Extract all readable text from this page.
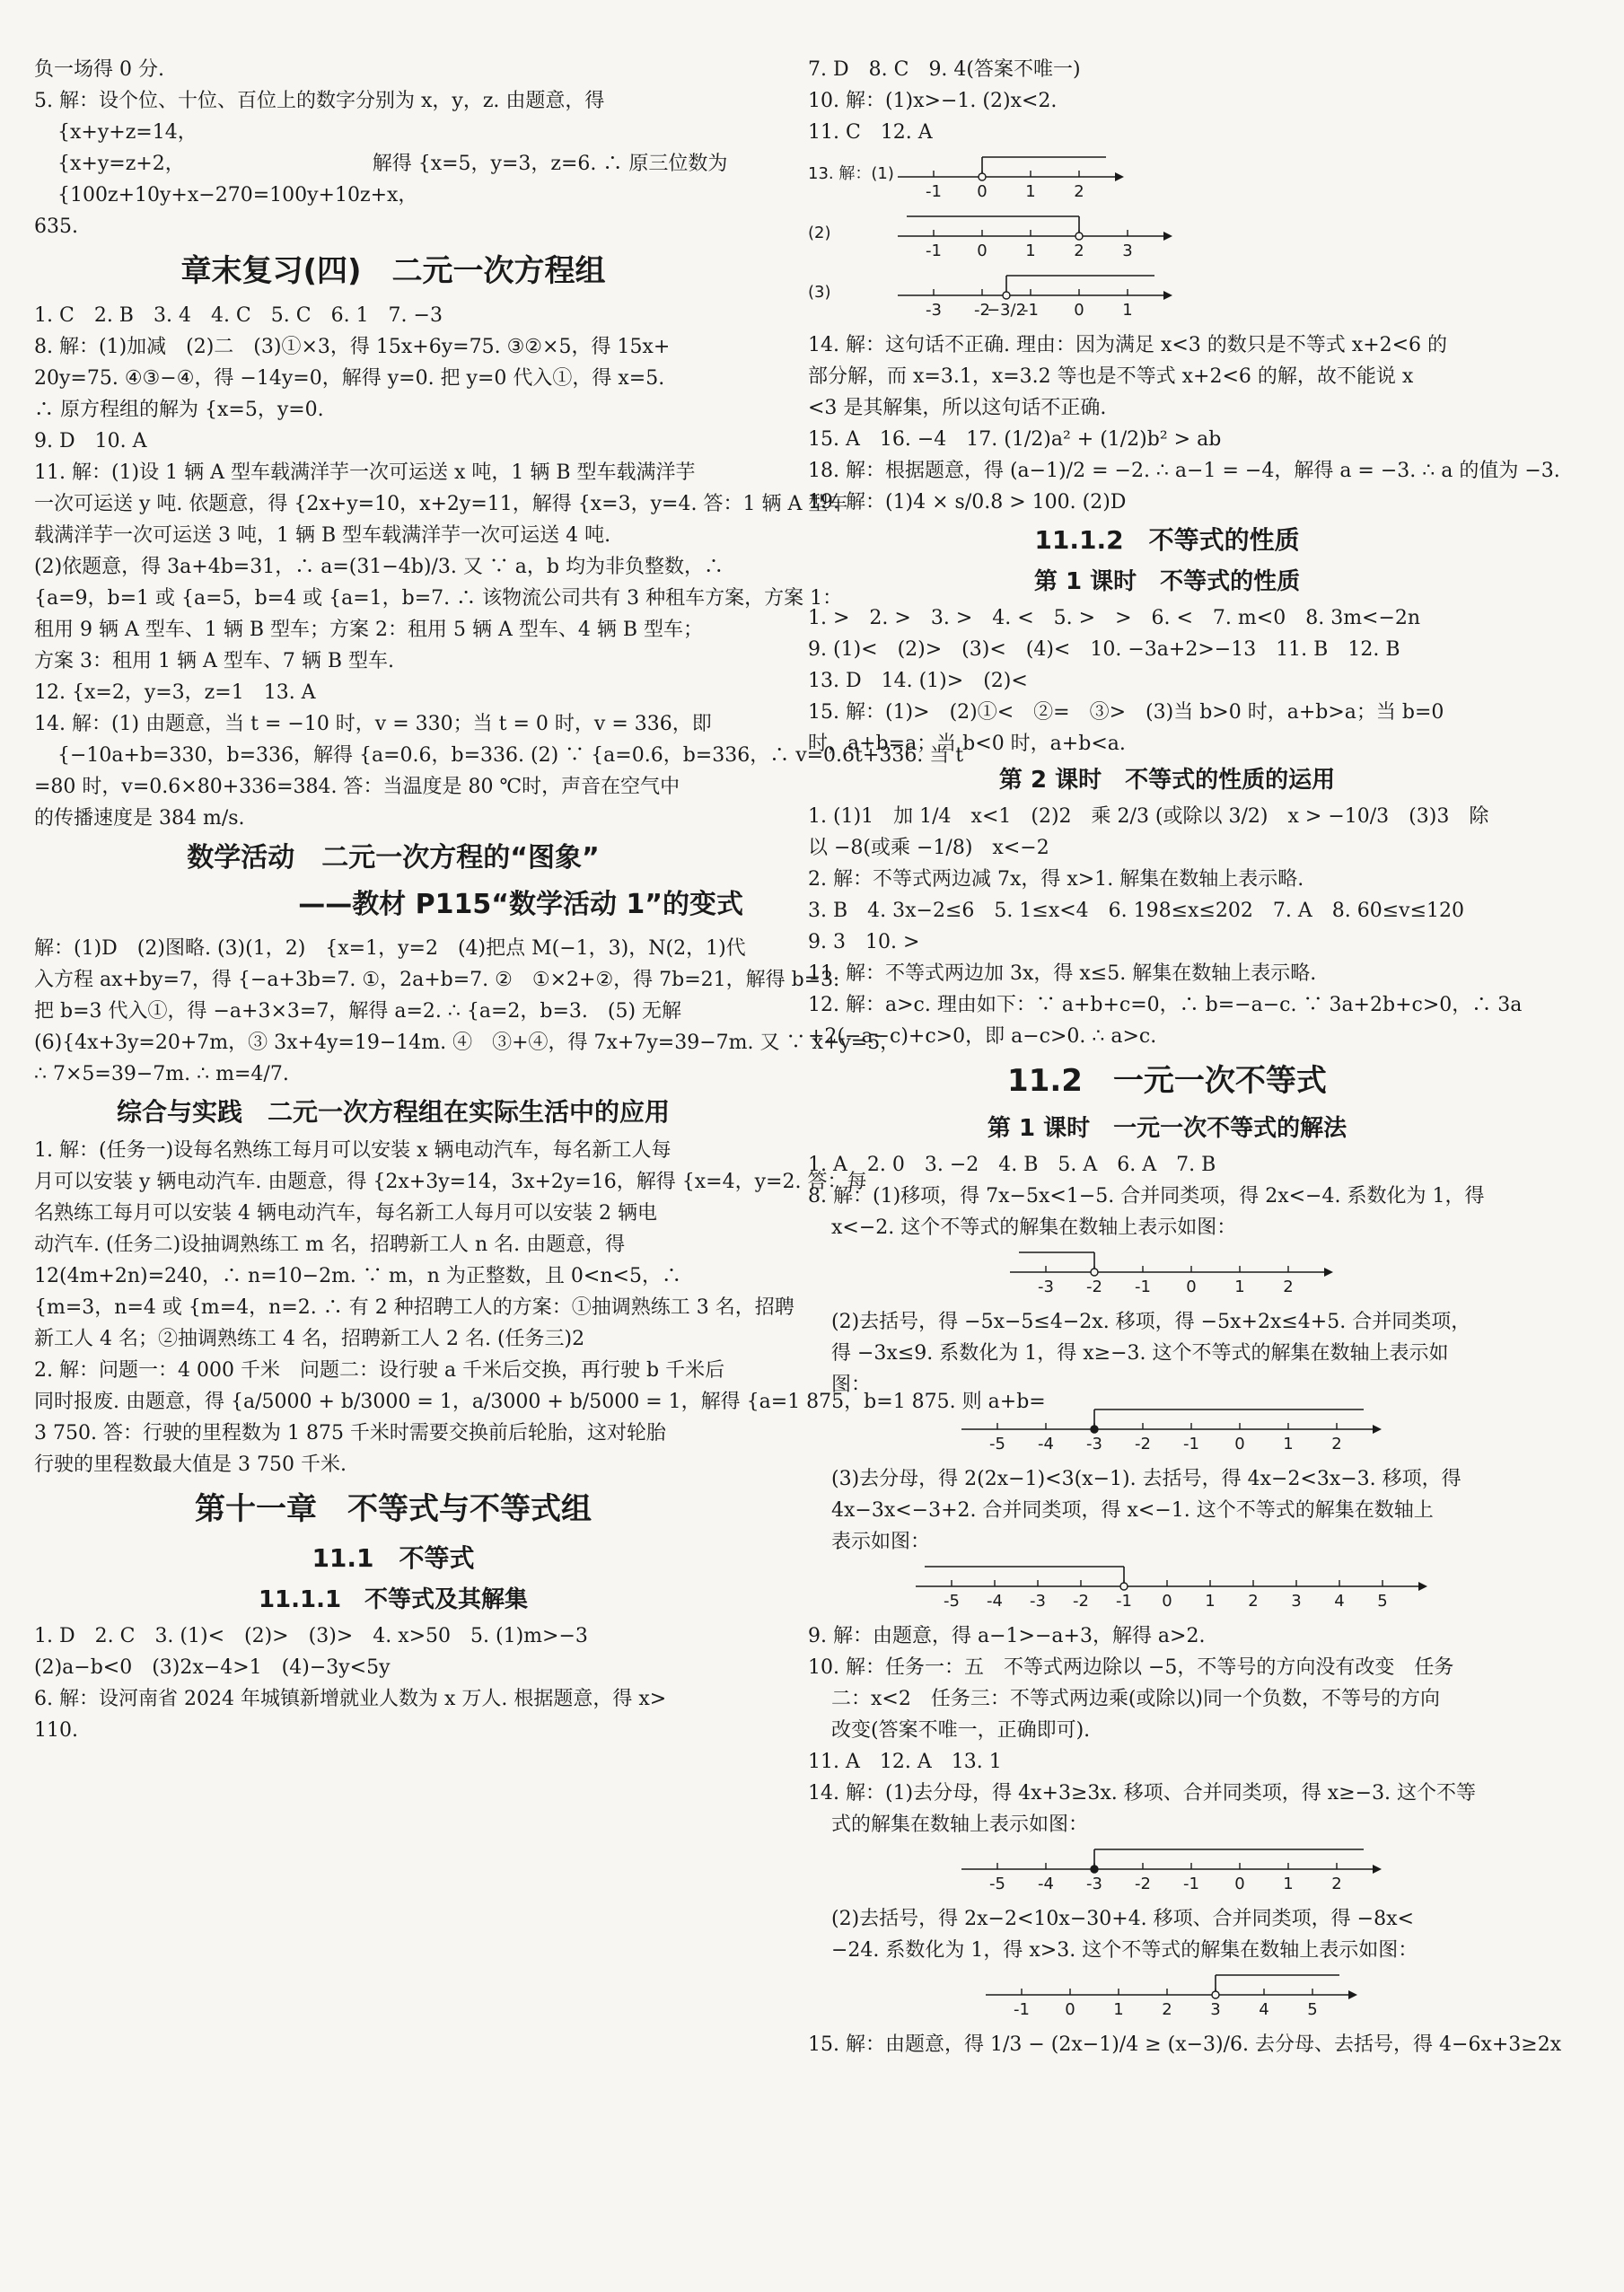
负一场得 0 分.
5. 解：设个位、十位、百位上的数字分别为 x，y，z. 由题意，得
{x+y+z=14，
{x+y=z+2，　　　　　　　　　　解得 {x=5，y=3，z=6. ∴ 原三位数为
{100z+10y+x−270=100y+10z+x，
635.
章末复习(四)　二元一次方程组
1. C　2. B　3. 4　4. C　5. C　6. 1　7. −3
8. 解：(1)加减　(2)二　(3)①×3，得 15x+6y=75. ③②×5，得 15x+
20y=75. ④③−④，得 −14y=0，解得 y=0. 把 y=0 代入①，得 x=5.
∴ 原方程组的解为 {x=5，y=0.
9. D　10. A
11. 解：(1)设 1 辆 A 型车载满洋芋一次可运送 x 吨，1 辆 B 型车载满洋芋
一次可运送 y 吨. 依题意，得 {2x+y=10，x+2y=11，解得 {x=3，y=4. 答：1 辆 A 型车
载满洋芋一次可运送 3 吨，1 辆 B 型车载满洋芋一次可运送 4 吨.
(2)依题意，得 3a+4b=31，∴ a=(31−4b)/3. 又 ∵ a，b 均为非负整数，∴
{a=9，b=1 或 {a=5，b=4 或 {a=1，b=7. ∴ 该物流公司共有 3 种租车方案，方案 1：
租用 9 辆 A 型车、1 辆 B 型车；方案 2：租用 5 辆 A 型车、4 辆 B 型车；
方案 3：租用 1 辆 A 型车、7 辆 B 型车.
12. {x=2，y=3，z=1　13. A
14. 解：(1) 由题意，当 t = −10 时，v = 330；当 t = 0 时，v = 336，即
{−10a+b=330，b=336，解得 {a=0.6，b=336. (2) ∵ {a=0.6，b=336，∴ v=0.6t+336. 当 t
=80 时，v=0.6×80+336=384. 答：当温度是 80 ℃时，声音在空气中
的传播速度是 384 m/s.
数学活动　二元一次方程的“图象”
——教材 P115“数学活动 1”的变式
解：(1)D　(2)图略. (3)(1，2)　{x=1，y=2　(4)把点 M(−1，3)，N(2，1)代
入方程 ax+by=7，得 {−a+3b=7. ①，2a+b=7. ②　①×2+②，得 7b=21，解得 b=3.
把 b=3 代入①，得 −a+3×3=7，解得 a=2. ∴ {a=2，b=3.　(5) 无解
(6){4x+3y=20+7m，③ 3x+4y=19−14m. ④　③+④，得 7x+7y=39−7m. 又 ∵ x+y=5，
∴ 7×5=39−7m. ∴ m=4/7.
综合与实践　二元一次方程组在实际生活中的应用
1. 解：(任务一)设每名熟练工每月可以安装 x 辆电动汽车，每名新工人每
月可以安装 y 辆电动汽车. 由题意，得 {2x+3y=14，3x+2y=16，解得 {x=4，y=2. 答：每
名熟练工每月可以安装 4 辆电动汽车，每名新工人每月可以安装 2 辆电
动汽车. (任务二)设抽调熟练工 m 名，招聘新工人 n 名. 由题意，得
12(4m+2n)=240，∴ n=10−2m. ∵ m，n 为正整数，且 0<n<5，∴
{m=3，n=4 或 {m=4，n=2. ∴ 有 2 种招聘工人的方案：①抽调熟练工 3 名，招聘
新工人 4 名；②抽调熟练工 4 名，招聘新工人 2 名. (任务三)2
2. 解：问题一：4 000 千米　问题二：设行驶 a 千米后交换，再行驶 b 千米后
同时报废. 由题意，得 {a/5000 + b/3000 = 1，a/3000 + b/5000 = 1，解得 {a=1 875，b=1 875. 则 a+b=
3 750. 答：行驶的里程数为 1 875 千米时需要交换前后轮胎，这对轮胎
行驶的里程数最大值是 3 750 千米.
第十一章　不等式与不等式组
11.1　不等式
11.1.1　不等式及其解集
1. D　2. C　3. (1)<　(2)>　(3)>　4. x>50　5. (1)m>−3
(2)a−b<0　(3)2x−4>1　(4)−3y<5y
6. 解：设河南省 2024 年城镇新增就业人数为 x 万人. 根据题意，得 x>
110.
7. D　8. C　9. 4(答案不唯一)
10. 解：(1)x>−1. (2)x<2.
11. C　12. A
13. 解：(1)
-1 0 1 2
(2)
-1 0 1 2 3
(3)
-3 -2 -1 0 1
−3/2
14. 解：这句话不正确. 理由：因为满足 x<3 的数只是不等式 x+2<6 的
部分解，而 x=3.1，x=3.2 等也是不等式 x+2<6 的解，故不能说 x
<3 是其解集，所以这句话不正确.
15. A　16. −4　17. (1/2)a² + (1/2)b² > ab
18. 解：根据题意，得 (a−1)/2 = −2. ∴ a−1 = −4，解得 a = −3. ∴ a 的值为 −3.
19. 解：(1)4 × s/0.8 > 100. (2)D
11.1.2　不等式的性质
第 1 课时　不等式的性质
1. >　2. >　3. >　4. <　5. >　>　6. <　7. m<0　8. 3m<−2n
9. (1)<　(2)>　(3)<　(4)<　10. −3a+2>−13　11. B　12. B
13. D　14. (1)>　(2)<
15. 解：(1)>　(2)①<　②=　③>　(3)当 b>0 时，a+b>a；当 b=0
时，a+b=a；当 b<0 时，a+b<a.
第 2 课时　不等式的性质的运用
1. (1)1　加 1/4　x<1　(2)2　乘 2/3 (或除以 3/2)　x > −10/3　(3)3　除
以 −8(或乘 −1/8)　x<−2
2. 解：不等式两边减 7x，得 x>1. 解集在数轴上表示略.
3. B　4. 3x−2≤6　5. 1≤x<4　6. 198≤x≤202　7. A　8. 60≤v≤120
9. 3　10. >
11. 解：不等式两边加 3x，得 x≤5. 解集在数轴上表示略.
12. 解：a>c. 理由如下：∵ a+b+c=0，∴ b=−a−c. ∵ 3a+2b+c>0，∴ 3a
+2(−a−c)+c>0，即 a−c>0. ∴ a>c.
11.2　一元一次不等式
第 1 课时　一元一次不等式的解法
1. A　2. 0　3. −2　4. B　5. A　6. A　7. B
8. 解：(1)移项，得 7x−5x<1−5. 合并同类项，得 2x<−4. 系数化为 1，得
x<−2. 这个不等式的解集在数轴上表示如图：
-3 -2 -1 0 1 2
(2)去括号，得 −5x−5≤4−2x. 移项，得 −5x+2x≤4+5. 合并同类项，
得 −3x≤9. 系数化为 1，得 x≥−3. 这个不等式的解集在数轴上表示如
图：
-5 -4 -3 -2 -1 0 1 2
(3)去分母，得 2(2x−1)<3(x−1). 去括号，得 4x−2<3x−3. 移项，得
4x−3x<−3+2. 合并同类项，得 x<−1. 这个不等式的解集在数轴上
表示如图：
-5 -4 -3 -2 -1 0 1 2 3 4 5
9. 解：由题意，得 a−1>−a+3，解得 a>2.
10. 解：任务一：五　不等式两边除以 −5，不等号的方向没有改变　任务
二：x<2　任务三：不等式两边乘(或除以)同一个负数，不等号的方向
改变(答案不唯一，正确即可).
11. A　12. A　13. 1
14. 解：(1)去分母，得 4x+3≥3x. 移项、合并同类项，得 x≥−3. 这个不等
式的解集在数轴上表示如图：
-5 -4 -3 -2 -1 0 1 2
(2)去括号，得 2x−2<10x−30+4. 移项、合并同类项，得 −8x<
−24. 系数化为 1，得 x>3. 这个不等式的解集在数轴上表示如图：
-1 0 1 2 3 4 5
15. 解：由题意，得 1/3 − (2x−1)/4 ≥ (x−3)/6. 去分母、去括号，得 4−6x+3≥2x
